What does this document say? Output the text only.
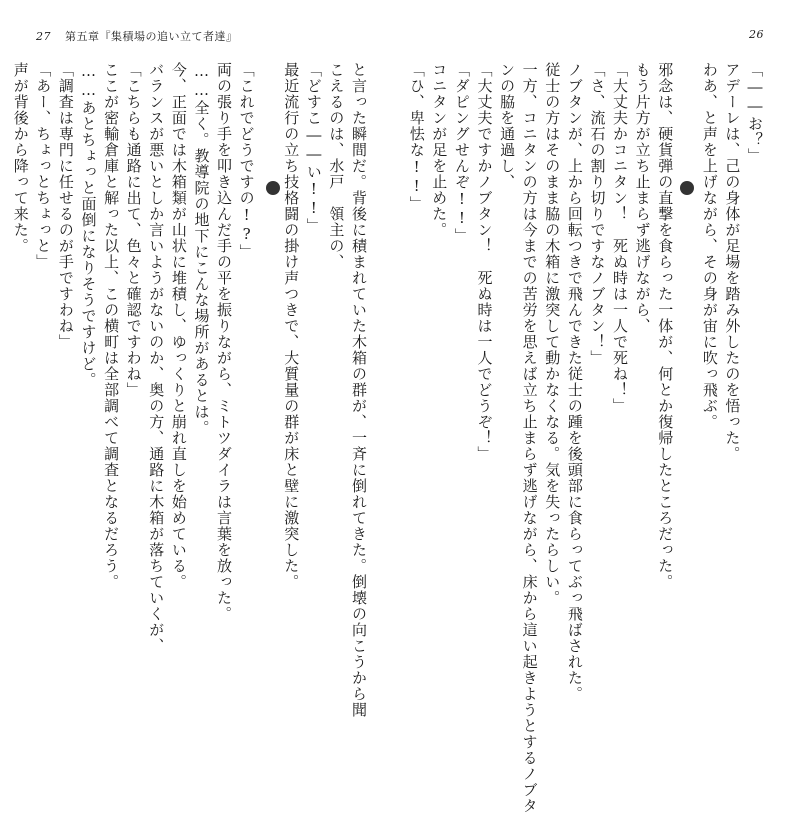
26
「――お？」
アデーレは、己の身体が足場を踏み外したのを悟った。
わあ、と声を上げながら、その身が宙に吹っ飛ぶ。
邪念は、硬貨弾の直撃を食らった一体が、何とか復帰したところだった。
もう片方が立ち止まらず逃げながら、
「大丈夫かコニタン！　死ぬ時は一人で死ね！」
「さ、流石の割り切りですなノブタン！」
ノブタンが、上から回転つきで飛んできた従士の踵を後頭部に食らってぶっ飛ばされた。
従士の方はそのまま脇の木箱に激突して動かなくなる。気を失ったらしい。
一方、コニタンの方は今までの苦労を思えば立ち止まらず逃げながら、床から這い起きようとするノブタ
ンの脇を通過し、
「大丈夫ですかノブタン！　死ぬ時は一人でどうぞ！」
「ダピングせんぞ!!」
コニタンが足を止めた。
「ひ、卑怯な!!」
27 第五章『集積場の追い立て者達』
と言った瞬間だ。背後に積まれていた木箱の群が、一斉に倒れてきた。倒壊の向こうから聞
こえるのは、水戸　領主の、
「どすこ――い!!」
最近流行の立ち技格闘の掛け声つきで、大質量の群が床と壁に激突した。
「これでどうですの!?」
両の張り手を叩き込んだ手の平を振りながら、ミトツダイラは言葉を放った。
……全く。教導院の地下にこんな場所があるとは。
今、正面では木箱類が山状に堆積し、ゆっくりと崩れ直しを始めている。
バランスが悪いとしか言いようがないのか、奥の方、通路に木箱が落ちていくが、
「こちらも通路に出て、色々と確認ですわね」
ここが密輸倉庫と解った以上、この横町は全部調べて調査となるだろう。
……あとちょっと面倒になりそうですけど。
「調査は専門に任せるのが手ですわね」
「あー、ちょっとちょっと」
声が背後から降って来た。
